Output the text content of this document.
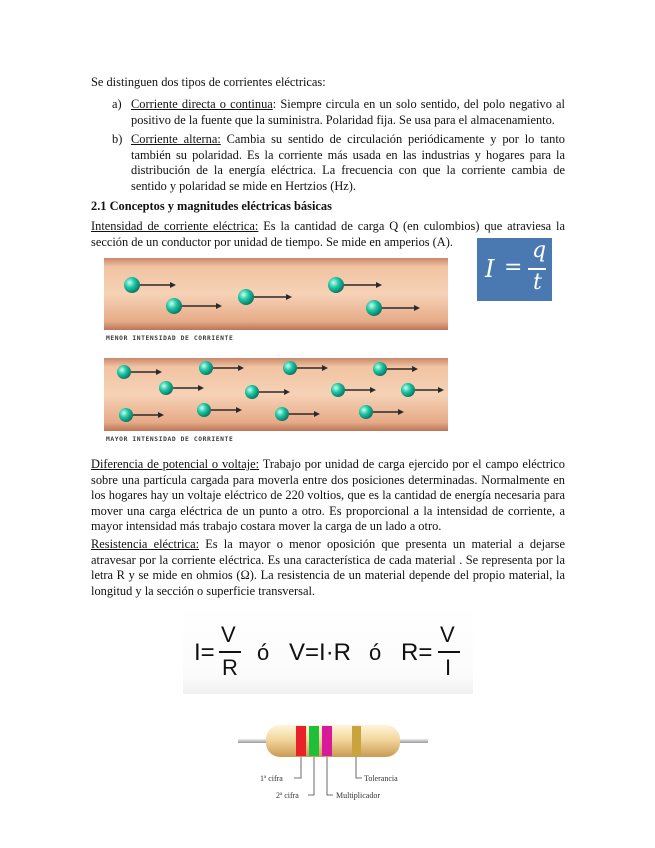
Se distinguen dos tipos de corrientes eléctricas:
a) Corriente directa o continua: Siempre circula en un solo sentido, del polo negativo al positivo de la fuente que la suministra. Polaridad fija. Se usa para el almacenamiento.
b) Corriente alterna: Cambia su sentido de circulación periódicamente y por lo tanto también su polaridad. Es la corriente más usada en las industrias y hogares para la distribución de la energía eléctrica. La frecuencia con que la corriente cambia de sentido y polaridad se mide en Hertzios (Hz).
2.1 Conceptos y magnitudes eléctricas básicas
Intensidad de corriente eléctrica: Es la cantidad de carga Q (en culombios) que atraviesa la sección de un conductor por unidad de tiempo. Se mide en amperios (A).
I =
q
t
MENOR INTENSIDAD DE CORRIENTE
MAYOR INTENSIDAD DE CORRIENTE
Diferencia de potencial o voltaje: Trabajo por unidad de carga ejercido por el campo eléctrico sobre una partícula cargada para moverla entre dos posiciones determinadas. Normalmente en los hogares hay un voltaje eléctrico de 220 voltios, que es la cantidad de energía necesaria para mover una carga eléctrica de un punto a otro. Es proporcional a la intensidad de corriente, a mayor intensidad más trabajo costara mover la carga de un lado a otro.
Resistencia eléctrica: Es la mayor o menor oposición que presenta un material a dejarse atravesar por la corriente eléctrica. Es una característica de cada material . Se representa por la letra R y se mide en ohmios (Ω). La resistencia de un material depende del propio material, la longitud y la sección o superficie transversal.
I=
V
R
ó V=I·R ó R=
V
I
1ª cifra
2ª cifra	Multiplicador
Tolerancia
